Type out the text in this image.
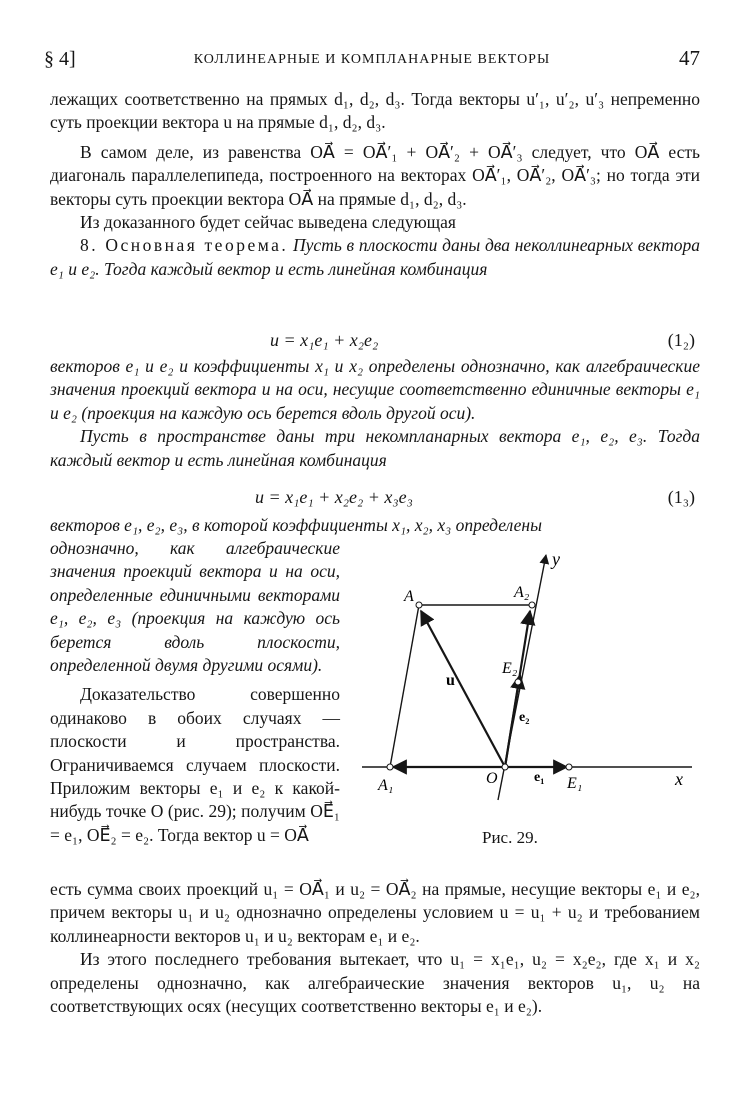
§ 4]	КОЛЛИНЕАРНЫЕ И КОМПЛАНАРНЫЕ ВЕКТОРЫ	47

лежащих соответственно на прямых d₁, d₂, d₃. Тогда векторы u′₁, u′₂, u′₃ непременно суть проекции вектора u на прямые d₁, d₂, d₃.

В самом деле, из равенства OA⃗ = OA⃗′₁ + OA⃗′₂ + OA⃗′₃ следует, что OA⃗ есть диагональ параллелепипеда, построенного на векторах OA⃗′₁, OA⃗′₂, OA⃗′₃; но тогда эти векторы суть проекции вектора OA⃗ на прямые d₁, d₂, d₃.

Из доказанного будет сейчас выведена следующая

8. Основная теорема. Пусть в плоскости даны два неколлинеарных вектора e₁ и e₂. Тогда каждый вектор u есть линейная комбинация

u = x₁e₁ + x₂e₂	(1₂)

векторов e₁ и e₂ и коэффициенты x₁ и x₂ определены однозначно, как алгебраические значения проекций вектора u на оси, несущие соответственно единичные векторы e₁ и e₂ (проекция на каждую ось берется вдоль другой оси).

Пусть в пространстве даны три некомпланарных вектора e₁, e₂, e₃. Тогда каждый вектор u есть линейная комбинация

u = x₁e₁ + x₂e₂ + x₃e₃	(1₃)

векторов e₁, e₂, e₃, в которой коэффициенты x₁, x₂, x₃ определены

однозначно, как алгебраические значения проекций вектора u на оси, определенные единичными векторами e₁, e₂, e₃ (проекция на каждую ось берется вдоль плоскости, определенной двумя другими осями).

Доказательство совершенно одинаково в обоих случаях — плоскости и пространства. Ограничиваемся случаем плоскости. Приложим векторы e₁ и e₂ к какой-нибудь точке O (рис. 29); получим OE⃗₁ = e₁, OE⃗₂ = e₂. Тогда вектор u = OA⃗

есть сумма своих проекций u₁ = OA⃗₁ и u₂ = OA⃗₂ на прямые, несущие векторы e₁ и e₂, причем векторы u₁ и u₂ однозначно определены условием u = u₁ + u₂ и требованием коллинеарности векторов u₁ и u₂ векторам e₁ и e₂.

Из этого последнего требования вытекает, что u₁ = x₁e₁, u₂ = x₂e₂, где x₁ и x₂ определены однозначно, как алгебраические значения векторов u₁, u₂ на соответствующих осях (несущих соответственно векторы e₁ и e₂).

A	A₂
A₁	O	E₁
E₂
e₁
e₂
u
x
y
Рис. 29.
